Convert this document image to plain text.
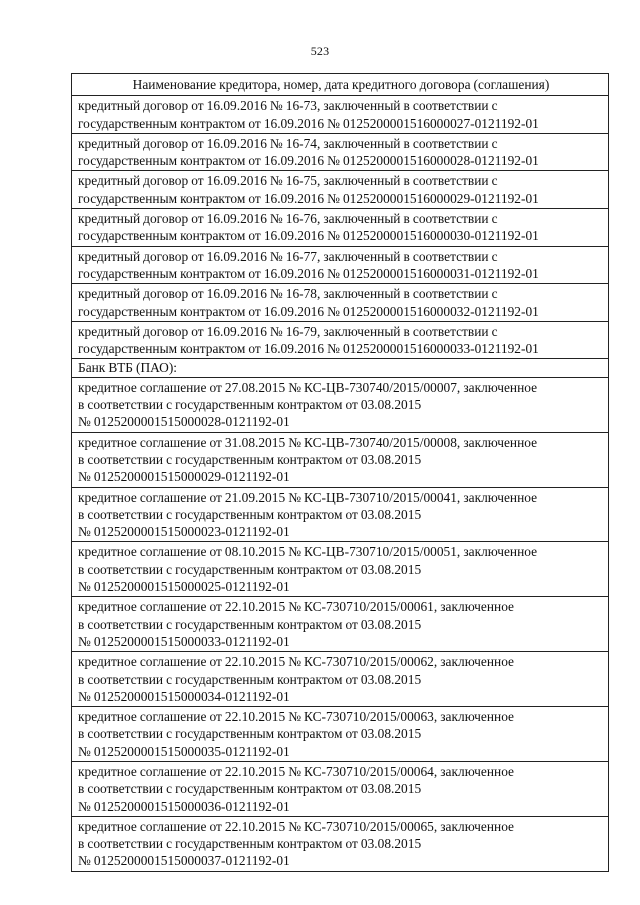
523
Наименование кредитора, номер, дата кредитного договора (соглашения)
кредитный договор от 16.09.2016 № 16-73, заключенный в соответствии с
государственным контрактом от 16.09.2016 № 0125200001516000027-0121192-01
кредитный договор от 16.09.2016 № 16-74, заключенный в соответствии с
государственным контрактом от 16.09.2016 № 0125200001516000028-0121192-01
кредитный договор от 16.09.2016 № 16-75, заключенный в соответствии с
государственным контрактом от 16.09.2016 № 0125200001516000029-0121192-01
кредитный договор от 16.09.2016 № 16-76, заключенный в соответствии с
государственным контрактом от 16.09.2016 № 0125200001516000030-0121192-01
кредитный договор от 16.09.2016 № 16-77, заключенный в соответствии с
государственным контрактом от 16.09.2016 № 0125200001516000031-0121192-01
кредитный договор от 16.09.2016 № 16-78, заключенный в соответствии с
государственным контрактом от 16.09.2016 № 0125200001516000032-0121192-01
кредитный договор от 16.09.2016 № 16-79, заключенный в соответствии с
государственным контрактом от 16.09.2016 № 0125200001516000033-0121192-01
Банк ВТБ (ПАО):
кредитное соглашение от 27.08.2015 № КС-ЦВ-730740/2015/00007, заключенное
в соответствии с государственным контрактом от 03.08.2015
№ 0125200001515000028-0121192-01
кредитное соглашение от 31.08.2015 № КС-ЦВ-730740/2015/00008, заключенное
в соответствии с государственным контрактом от 03.08.2015
№ 0125200001515000029-0121192-01
кредитное соглашение от 21.09.2015 № КС-ЦВ-730710/2015/00041, заключенное
в соответствии с государственным контрактом от 03.08.2015
№ 0125200001515000023-0121192-01
кредитное соглашение от 08.10.2015 № КС-ЦВ-730710/2015/00051, заключенное
в соответствии с государственным контрактом от 03.08.2015
№ 0125200001515000025-0121192-01
кредитное соглашение от 22.10.2015 № КС-730710/2015/00061, заключенное
в соответствии с государственным контрактом от 03.08.2015
№ 0125200001515000033-0121192-01
кредитное соглашение от 22.10.2015 № КС-730710/2015/00062, заключенное
в соответствии с государственным контрактом от 03.08.2015
№ 0125200001515000034-0121192-01
кредитное соглашение от 22.10.2015 № КС-730710/2015/00063, заключенное
в соответствии с государственным контрактом от 03.08.2015
№ 0125200001515000035-0121192-01
кредитное соглашение от 22.10.2015 № КС-730710/2015/00064, заключенное
в соответствии с государственным контрактом от 03.08.2015
№ 0125200001515000036-0121192-01
кредитное соглашение от 22.10.2015 № КС-730710/2015/00065, заключенное
в соответствии с государственным контрактом от 03.08.2015
№ 0125200001515000037-0121192-01
